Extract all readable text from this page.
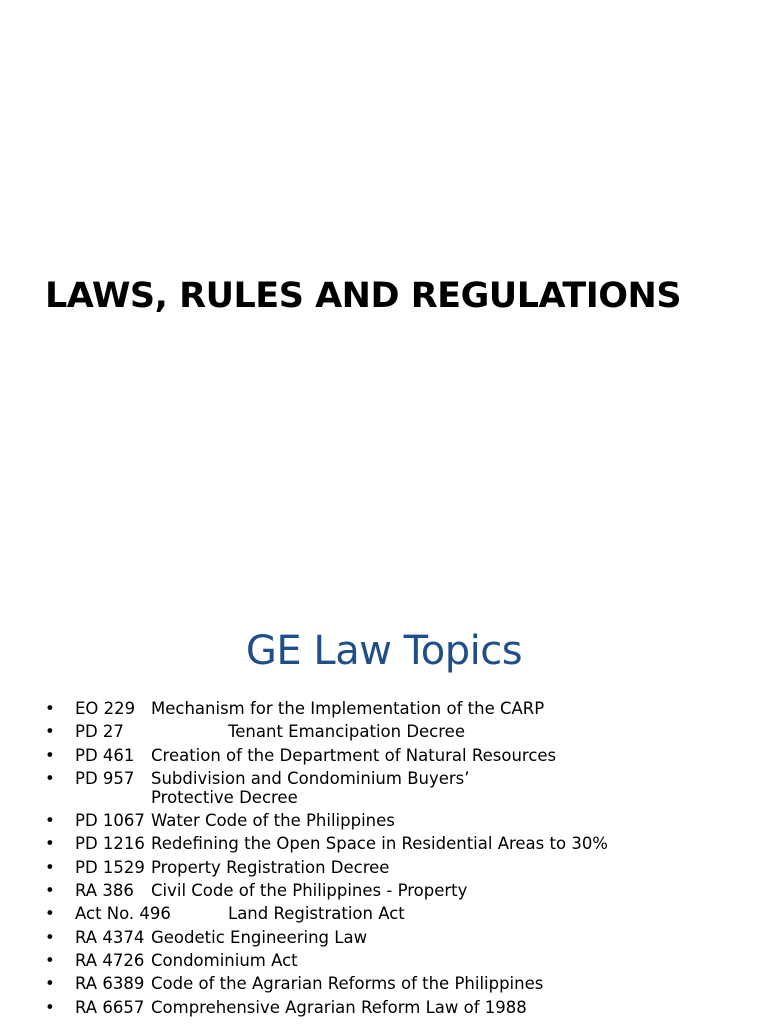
LAWS, RULES AND REGULATIONS
GE Law Topics
• EO 229 Mechanism for the Implementation of the CARP
• PD 27	Tenant Emancipation Decree
• PD 461 Creation of the Department of Natural Resources
• PD 957 Subdivision and Condominium Buyers’ Protective Decree
• PD 1067 Water Code of the Philippines
• PD 1216 Redefining the Open Space in Residential Areas to 30%
• PD 1529 Property Registration Decree
• RA 386 Civil Code of the Philippines - Property
• Act No. 496	Land Registration Act
• RA 4374 Geodetic Engineering Law
• RA 4726 Condominium Act
• RA 6389 Code of the Agrarian Reforms of the Philippines
• RA 6657 Comprehensive Agrarian Reform Law of 1988
